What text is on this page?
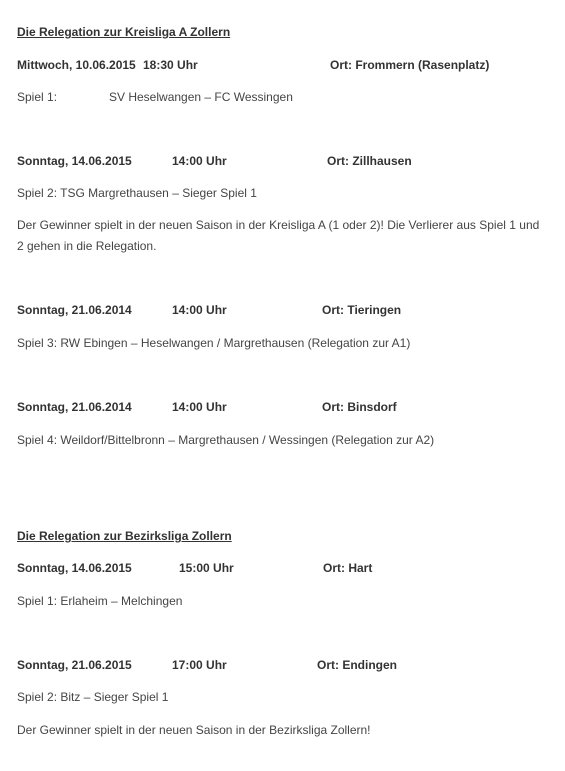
Die Relegation zur Kreisliga A Zollern
Mittwoch, 10.06.2015 18:30 Uhr	Ort: Frommern (Rasenplatz)
Spiel 1:	SV Heselwangen – FC Wessingen
Sonntag, 14.06.2015	14:00 Uhr	Ort: Zillhausen
Spiel 2: TSG Margrethausen – Sieger Spiel 1
Der Gewinner spielt in der neuen Saison in der Kreisliga A (1 oder 2)! Die Verlierer aus Spiel 1 und 2 gehen in die Relegation.
Sonntag, 21.06.2014	14:00 Uhr	Ort: Tieringen
Spiel 3: RW Ebingen – Heselwangen / Margrethausen (Relegation zur A1)
Sonntag, 21.06.2014	14:00 Uhr	Ort: Binsdorf
Spiel 4: Weildorf/Bittelbronn – Margrethausen / Wessingen (Relegation zur A2)
Die Relegation zur Bezirksliga Zollern
Sonntag, 14.06.2015	15:00 Uhr	Ort: Hart
Spiel 1: Erlaheim – Melchingen
Sonntag, 21.06.2015	17:00 Uhr	Ort: Endingen
Spiel 2: Bitz – Sieger Spiel 1
Der Gewinner spielt in der neuen Saison in der Bezirksliga Zollern!
